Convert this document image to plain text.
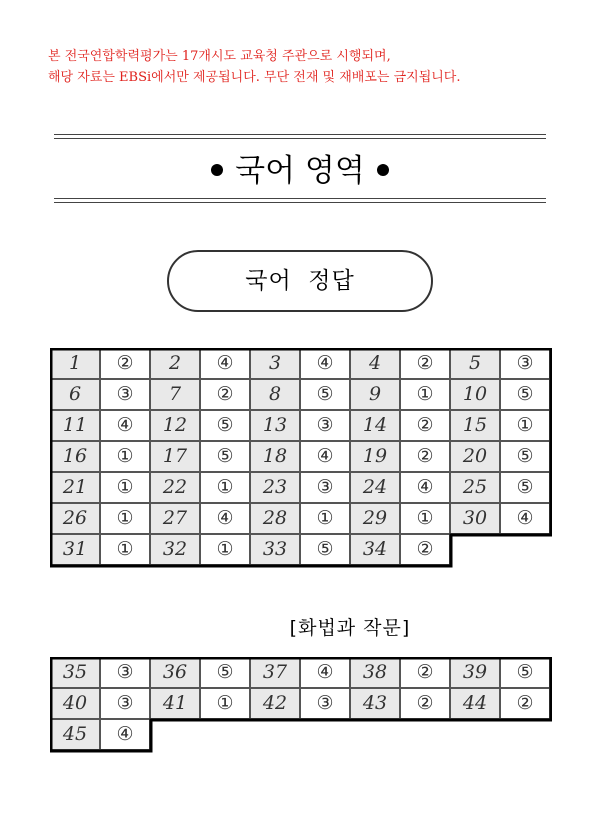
본 전국연합학력평가는 17개시도 교육청 주관으로 시행되며,
해당 자료는 EBSi에서만 제공됩니다. 무단 전재 및 재배포는 금지됩니다.
국어 영역
국어  정답
1	②	2	④	3	④	4	②	5	③
6	③	7	②	8	⑤	9	①	10	⑤
11	④	12	⑤	13	③	14	②	15	①
16	①	17	⑤	18	④	19	②	20	⑤
21	①	22	①	23	③	24	④	25	⑤
26	①	27	④	28	①	29	①	30	④
31	①	32	①	33	⑤	34	②
[화법과 작문]
35	③	36	⑤	37	④	38	②	39	⑤
40	③	41	①	42	③	43	②	44	②
45	④
